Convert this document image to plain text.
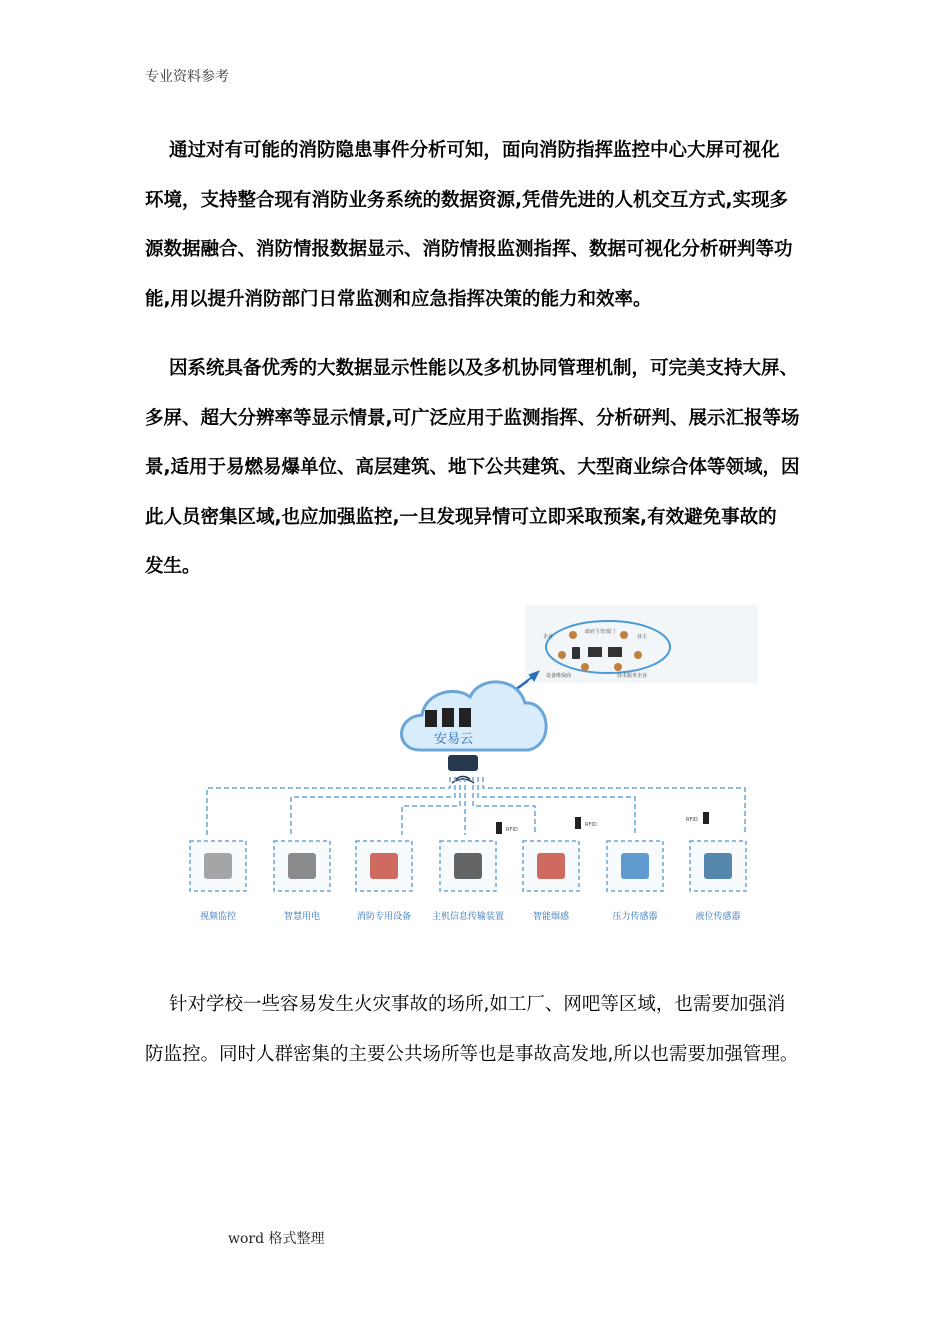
专业资料参考
通过对有可能的消防隐患事件分析可知，面向消防指挥监控中心大屏可视化
环境，支持整合现有消防业务系统的数据资源,凭借先进的人机交互方式,实现多
源数据融合、消防情报数据显示、消防情报监测指挥、数据可视化分析研判等功
能,用以提升消防部门日常监测和应急指挥决策的能力和效率。
因系统具备优秀的大数据显示性能以及多机协同管理机制，可完美支持大屏、
多屏、超大分辨率等显示情景,可广泛应用于监测指挥、分析研判、展示汇报等场
景,适用于易燃易爆单位、高层建筑、地下公共建筑、大型商业综合体等领域，因
此人员密集区域,也应加强监控,一旦发现异情可立即采取预案,有效避免事故的
发生。
企业
政府主管部门
业主
设备维保商	技术服务企业
安易云
RFID
RFID
RFID
视频监控	智慧用电	消防专用设备 主机信息传输装置	智能烟感	压力传感器	液位传感器
针对学校一些容易发生火灾事故的场所,如工厂、网吧等区域，也需要加强消
防监控。同时人群密集的主要公共场所等也是事故高发地,所以也需要加强管理。
word 格式整理
